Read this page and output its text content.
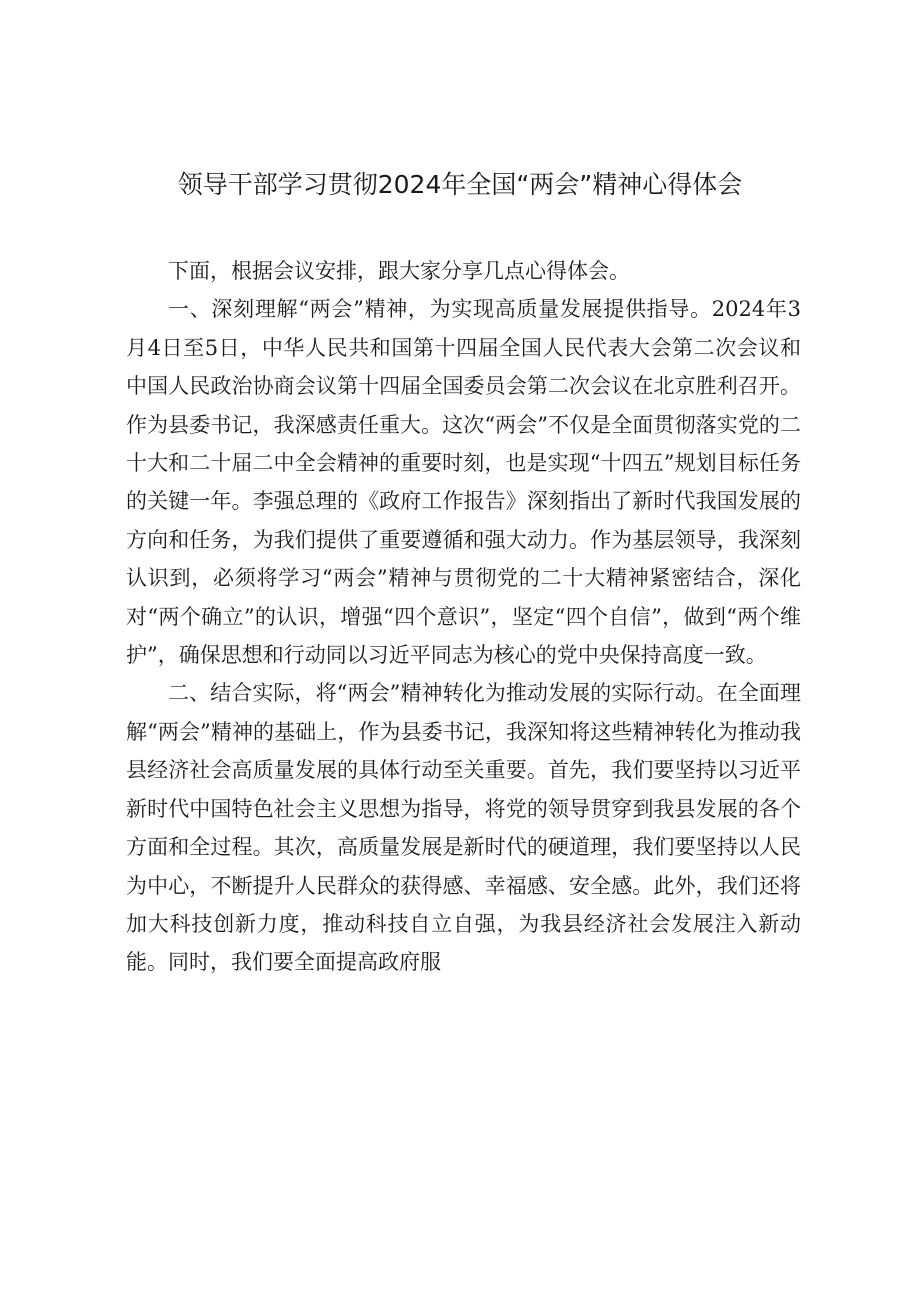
领导干部学习贯彻2024年全国“两会”精神心得体会

下面，根据会议安排，跟大家分享几点心得体会。

一、深刻理解“两会”精神，为实现高质量发展提供指导。2024年3月4日至5日，中华人民共和国第十四届全国人民代表大会第二次会议和中国人民政治协商会议第十四届全国委员会第二次会议在北京胜利召开。作为县委书记，我深感责任重大。这次“两会”不仅是全面贯彻落实党的二十大和二十届二中全会精神的重要时刻，也是实现“十四五”规划目标任务的关键一年。李强总理的《政府工作报告》深刻指出了新时代我国发展的方向和任务，为我们提供了重要遵循和强大动力。作为基层领导，我深刻认识到，必须将学习“两会”精神与贯彻党的二十大精神紧密结合，深化对“两个确立”的认识，增强“四个意识”，坚定“四个自信”，做到“两个维护”，确保思想和行动同以习近平同志为核心的党中央保持高度一致。

二、结合实际，将“两会”精神转化为推动发展的实际行动。在全面理解“两会”精神的基础上，作为县委书记，我深知将这些精神转化为推动我县经济社会高质量发展的具体行动至关重要。首先，我们要坚持以习近平新时代中国特色社会主义思想为指导，将党的领导贯穿到我县发展的各个方面和全过程。其次，高质量发展是新时代的硬道理，我们要坚持以人民为中心，不断提升人民群众的获得感、幸福感、安全感。此外，我们还将加大科技创新力度，推动科技自立自强，为我县经济社会发展注入新动能。同时，我们要全面提高政府服
